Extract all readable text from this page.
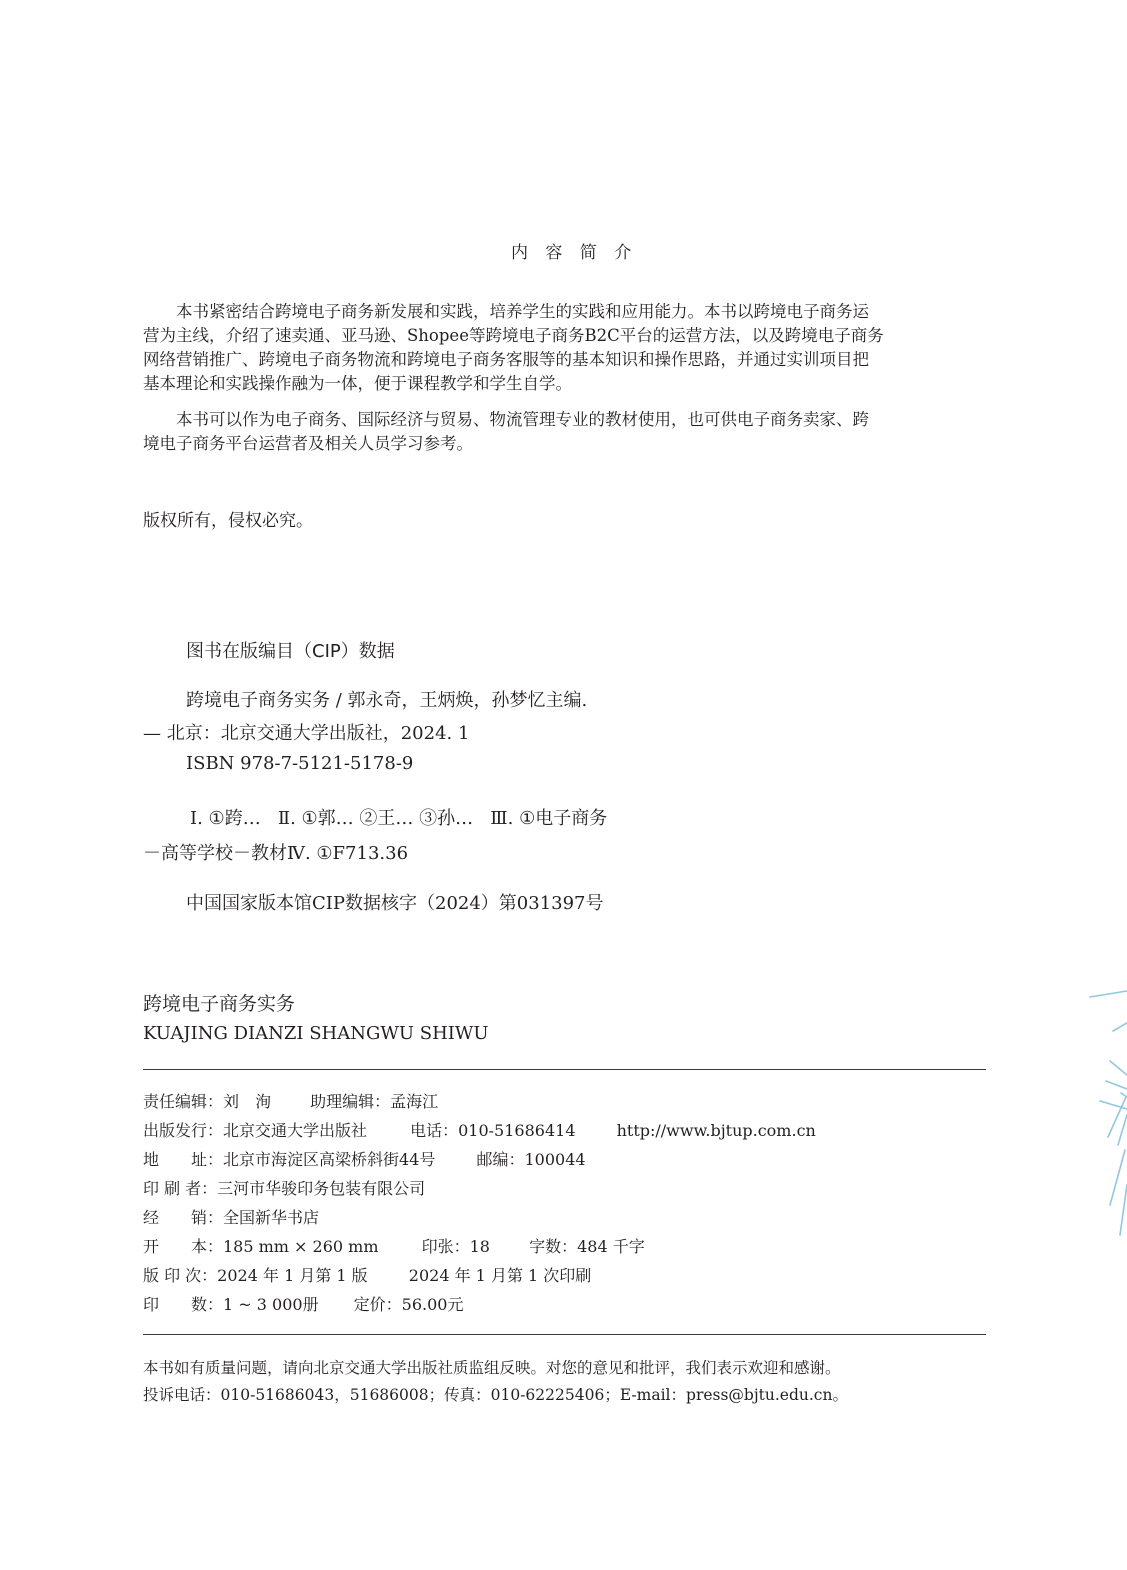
内 容 简 介
本书紧密结合跨境电子商务新发展和实践，培养学生的实践和应用能力。本书以跨境电子商务运
营为主线，介绍了速卖通、亚马逊、Shopee等跨境电子商务B2C平台的运营方法，以及跨境电子商务
网络营销推广、跨境电子商务物流和跨境电子商务客服等的基本知识和操作思路，并通过实训项目把
基本理论和实践操作融为一体，便于课程教学和学生自学。
本书可以作为电子商务、国际经济与贸易、物流管理专业的教材使用，也可供电子商务卖家、跨
境电子商务平台运营者及相关人员学习参考。
版权所有，侵权必究。
图书在版编目（CIP）数据
跨境电子商务实务 / 郭永奇，王炳焕，孙梦忆主编.
— 北京：北京交通大学出版社，2024. 1
ISBN 978-7-5121-5178-9
Ⅰ. ①跨…   Ⅱ. ①郭… ②王… ③孙…   Ⅲ. ①电子商务
－高等学校－教材Ⅳ. ①F713.36
中国国家版本馆CIP数据核字（2024）第031397号
跨境电子商务实务
KUAJING DIANZI SHANGWU SHIWU
责任编辑：刘　洵 助理编辑：孟海江
出版发行：北京交通大学出版社	电话：010-51686414	http://www.bjtup.com.cn
地　　址：北京市海淀区高梁桥斜街44号	邮编：100044
印 刷 者：三河市华骏印务包装有限公司
经　　销：全国新华书店
开　　本：185 mm × 260 mm	印张：18 字数：484 千字
版 印 次：2024 年 1 月第 1 版	2024 年 1 月第 1 次印刷
印　　数：1 ~ 3 000册 定价：56.00元
本书如有质量问题，请向北京交通大学出版社质监组反映。对您的意见和批评，我们表示欢迎和感谢。
投诉电话：010-51686043，51686008；传真：010-62225406；E-mail：press@bjtu.edu.cn。
